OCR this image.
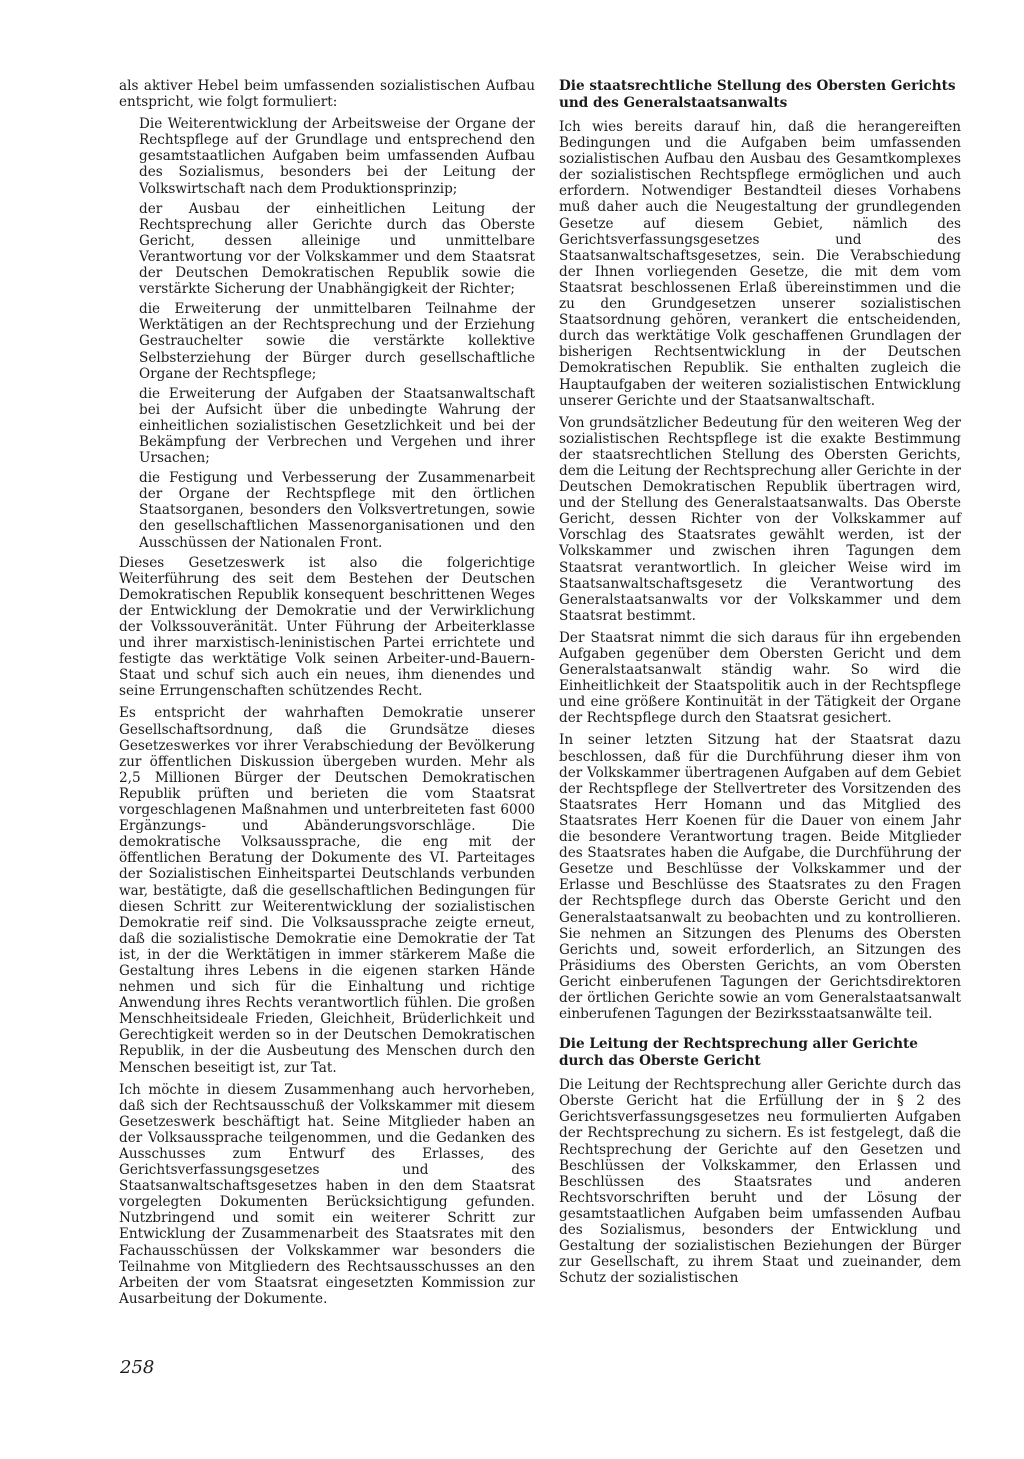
als aktiver Hebel beim umfassenden sozialistischen Aufbau entspricht, wie folgt formuliert:

Die Weiterentwicklung der Arbeitsweise der Organe der Rechtspflege auf der Grundlage und entsprechend den gesamtstaatlichen Aufgaben beim umfassenden Aufbau des Sozialismus, besonders bei der Leitung der Volkswirtschaft nach dem Produktionsprinzip;
der Ausbau der einheitlichen Leitung der Rechtsprechung aller Gerichte durch das Oberste Gericht, dessen alleinige und unmittelbare Verantwortung vor der Volkskammer und dem Staatsrat der Deutschen Demokratischen Republik sowie die verstärkte Sicherung der Unabhängigkeit der Richter;
die Erweiterung der unmittelbaren Teilnahme der Werktätigen an der Rechtsprechung und der Erziehung Gestrauchelter sowie die verstärkte kollektive Selbsterziehung der Bürger durch gesellschaftliche Organe der Rechtspflege;
die Erweiterung der Aufgaben der Staatsanwaltschaft bei der Aufsicht über die unbedingte Wahrung der einheitlichen sozialistischen Gesetzlichkeit und bei der Bekämpfung der Verbrechen und Vergehen und ihrer Ursachen;
die Festigung und Verbesserung der Zusammenarbeit der Organe der Rechtspflege mit den örtlichen Staatsorganen, besonders den Volksvertretungen, sowie den gesellschaftlichen Massenorganisationen und den Ausschüssen der Nationalen Front.

Dieses Gesetzeswerk ist also die folgerichtige Weiterführung des seit dem Bestehen der Deutschen Demokratischen Republik konsequent beschrittenen Weges der Entwicklung der Demokratie und der Verwirklichung der Volkssouveränität. Unter Führung der Arbeiterklasse und ihrer marxistisch-leninistischen Partei errichtete und festigte das werktätige Volk seinen Arbeiter-und-Bauern-Staat und schuf sich auch ein neues, ihm dienendes und seine Errungenschaften schützendes Recht.

Es entspricht der wahrhaften Demokratie unserer Gesellschaftsordnung, daß die Grundsätze dieses Gesetzeswerkes vor ihrer Verabschiedung der Bevölkerung zur öffentlichen Diskussion übergeben wurden. Mehr als 2,5 Millionen Bürger der Deutschen Demokratischen Republik prüften und berieten die vom Staatsrat vorgeschlagenen Maßnahmen und unterbreiteten fast 6000 Ergänzungs- und Abänderungsvorschläge. Die demokratische Volksaussprache, die eng mit der öffentlichen Beratung der Dokumente des VI. Parteitages der Sozialistischen Einheitspartei Deutschlands verbunden war, bestätigte, daß die gesellschaftlichen Bedingungen für diesen Schritt zur Weiterentwicklung der sozialistischen Demokratie reif sind. Die Volksaussprache zeigte erneut, daß die sozialistische Demokratie eine Demokratie der Tat ist, in der die Werktätigen in immer stärkerem Maße die Gestaltung ihres Lebens in die eigenen starken Hände nehmen und sich für die Einhaltung und richtige Anwendung ihres Rechts verantwortlich fühlen. Die großen Menschheitsideale Frieden, Gleichheit, Brüderlichkeit und Gerechtigkeit werden so in der Deutschen Demokratischen Republik, in der die Ausbeutung des Menschen durch den Menschen beseitigt ist, zur Tat.

Ich möchte in diesem Zusammenhang auch hervorheben, daß sich der Rechtsausschuß der Volkskammer mit diesem Gesetzeswerk beschäftigt hat. Seine Mitglieder haben an der Volksaussprache teilgenommen, und die Gedanken des Ausschusses zum Entwurf des Erlasses, des Gerichtsverfassungsgesetzes und des Staatsanwaltschaftsgesetzes haben in den dem Staatsrat vorgelegten Dokumenten Berücksichtigung gefunden. Nutzbringend und somit ein weiterer Schritt zur Entwicklung der Zusammenarbeit des Staatsrates mit den Fachausschüssen der Volkskammer war besonders die Teilnahme von Mitgliedern des Rechtsausschusses an den Arbeiten der vom Staatsrat eingesetzten Kommission zur Ausarbeitung der Dokumente.

Die staatsrechtliche Stellung des Obersten Gerichts und des Generalstaatsanwalts

Ich wies bereits darauf hin, daß die herangereiften Bedingungen und die Aufgaben beim umfassenden sozialistischen Aufbau den Ausbau des Gesamtkomplexes der sozialistischen Rechtspflege ermöglichen und auch erfordern. Notwendiger Bestandteil dieses Vorhabens muß daher auch die Neugestaltung der grundlegenden Gesetze auf diesem Gebiet, nämlich des Gerichtsverfassungsgesetzes und des Staatsanwaltschaftsgesetzes, sein. Die Verabschiedung der Ihnen vorliegenden Gesetze, die mit dem vom Staatsrat beschlossenen Erlaß übereinstimmen und die zu den Grundgesetzen unserer sozialistischen Staatsordnung gehören, verankert die entscheidenden, durch das werktätige Volk geschaffenen Grundlagen der bisherigen Rechtsentwicklung in der Deutschen Demokratischen Republik. Sie enthalten zugleich die Hauptaufgaben der weiteren sozialistischen Entwicklung unserer Gerichte und der Staatsanwaltschaft.

Von grundsätzlicher Bedeutung für den weiteren Weg der sozialistischen Rechtspflege ist die exakte Bestimmung der staatsrechtlichen Stellung des Obersten Gerichts, dem die Leitung der Rechtsprechung aller Gerichte in der Deutschen Demokratischen Republik übertragen wird, und der Stellung des Generalstaatsanwalts. Das Oberste Gericht, dessen Richter von der Volkskammer auf Vorschlag des Staatsrates gewählt werden, ist der Volkskammer und zwischen ihren Tagungen dem Staatsrat verantwortlich. In gleicher Weise wird im Staatsanwaltschaftsgesetz die Verantwortung des Generalstaatsanwalts vor der Volkskammer und dem Staatsrat bestimmt.

Der Staatsrat nimmt die sich daraus für ihn ergebenden Aufgaben gegenüber dem Obersten Gericht und dem Generalstaatsanwalt ständig wahr. So wird die Einheitlichkeit der Staatspolitik auch in der Rechtspflege und eine größere Kontinuität in der Tätigkeit der Organe der Rechtspflege durch den Staatsrat gesichert.

In seiner letzten Sitzung hat der Staatsrat dazu beschlossen, daß für die Durchführung dieser ihm von der Volkskammer übertragenen Aufgaben auf dem Gebiet der Rechtspflege der Stellvertreter des Vorsitzenden des Staatsrates Herr Homann und das Mitglied des Staatsrates Herr Koenen für die Dauer von einem Jahr die besondere Verantwortung tragen. Beide Mitglieder des Staatsrates haben die Aufgabe, die Durchführung der Gesetze und Beschlüsse der Volkskammer und der Erlasse und Beschlüsse des Staatsrates zu den Fragen der Rechtspflege durch das Oberste Gericht und den Generalstaatsanwalt zu beobachten und zu kontrollieren. Sie nehmen an Sitzungen des Plenums des Obersten Gerichts und, soweit erforderlich, an Sitzungen des Präsidiums des Obersten Gerichts, an vom Obersten Gericht einberufenen Tagungen der Gerichtsdirektoren der örtlichen Gerichte sowie an vom Generalstaatsanwalt einberufenen Tagungen der Bezirksstaatsanwälte teil.

Die Leitung der Rechtsprechung aller Gerichte durch das Oberste Gericht

Die Leitung der Rechtsprechung aller Gerichte durch das Oberste Gericht hat die Erfüllung der in § 2 des Gerichtsverfassungsgesetzes neu formulierten Aufgaben der Rechtsprechung zu sichern. Es ist festgelegt, daß die Rechtsprechung der Gerichte auf den Gesetzen und Beschlüssen der Volkskammer, den Erlassen und Beschlüssen des Staatsrates und anderen Rechtsvorschriften beruht und der Lösung der gesamtstaatlichen Aufgaben beim umfassenden Aufbau des Sozialismus, besonders der Entwicklung und Gestaltung der sozialistischen Beziehungen der Bürger zur Gesellschaft, zu ihrem Staat und zueinander, dem Schutz der sozialistischen

258
